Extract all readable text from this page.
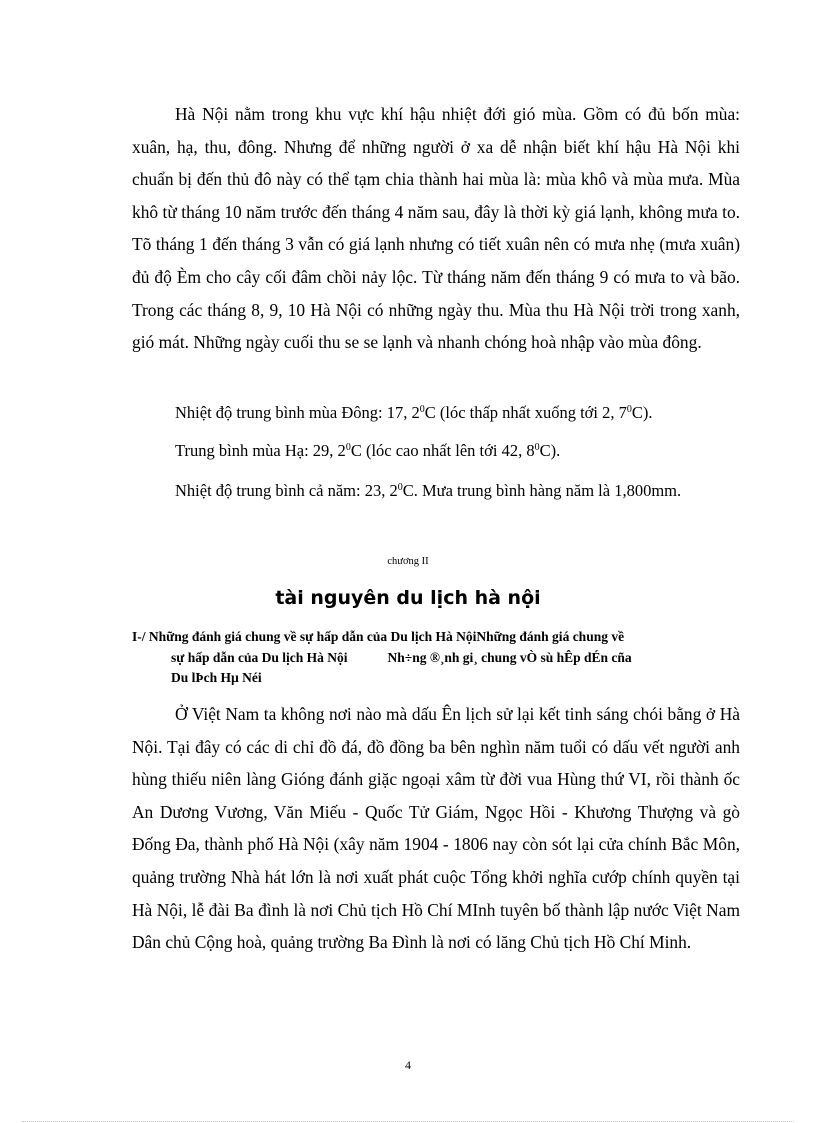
Hà Nội nằm trong khu vực khí hậu nhiệt đới gió mùa. Gồm có đủ bốn mùa: xuân, hạ, thu, đông. Nhưng để những người ở xa dễ nhận biết khí hậu Hà Nội khi chuẩn bị đến thủ đô này có thể tạm chia thành hai mùa là: mùa khô và mùa mưa. Mùa khô từ tháng 10 năm trước đến tháng 4 năm sau, đây là thời kỳ giá lạnh, không mưa to. Tõ tháng 1 đến tháng 3 vẫn có giá lạnh nhưng có tiết xuân nên có mưa nhẹ (mưa xuân) đủ độ Èm cho cây cối đâm chồi nảy lộc. Từ tháng năm đến tháng 9 có mưa to và bão. Trong các tháng 8, 9, 10 Hà Nội có những ngày thu. Mùa thu Hà Nội trời trong xanh, gió mát. Những ngày cuối thu se se lạnh và nhanh chóng hoà nhập vào mùa đông.
Nhiệt độ trung bình mùa Đông: 17, $2^0C$ (lóc thấp nhất xuống tới 2, $7^0C$).
Trung bình mùa Hạ: 29, $2^0C$ (lóc cao nhất lên tới 42, $8^0C$).
Nhiệt độ trung bình cả năm: 23, $2^0C$. Mưa trung bình hàng năm là 1,800mm.
chương II
tài nguyên du lịch hà nội
I-/ Những đánh giá chung về sự hấp dẫn của Du lịch Hà NộiNhững đánh giá chung về
sự hấp dẫn của Du lịch Hà Nội	Nh÷ng ®¸nh gi¸ chung vÒ sù hÊp dÉn cña
Du lÞch Hµ Néi
Ở Việt Nam ta không nơi nào mà dấu Ên lịch sử lại kết tinh sáng chói bằng ở Hà Nội. Tại đây có các di chỉ đồ đá, đồ đồng ba bên nghìn năm tuổi có dấu vết người anh hùng thiếu niên làng Gióng đánh giặc ngoại xâm từ đời vua Hùng thứ VI, rồi thành ốc An Dương Vương, Văn Miếu - Quốc Tử Giám, Ngọc Hồi - Khương Thượng và gò Đống Đa, thành phố Hà Nội (xây năm 1904 - 1806 nay còn sót lại cửa chính Bắc Môn, quảng trường Nhà hát lớn là nơi xuất phát cuộc Tổng khởi nghĩa cướp chính quyền tại Hà Nội, lễ đài Ba đình là nơi Chủ tịch Hồ Chí MInh tuyên bố thành lập nước Việt Nam Dân chủ Cộng hoà, quảng trường Ba Đình là nơi có lăng Chủ tịch Hồ Chí Minh.
4
